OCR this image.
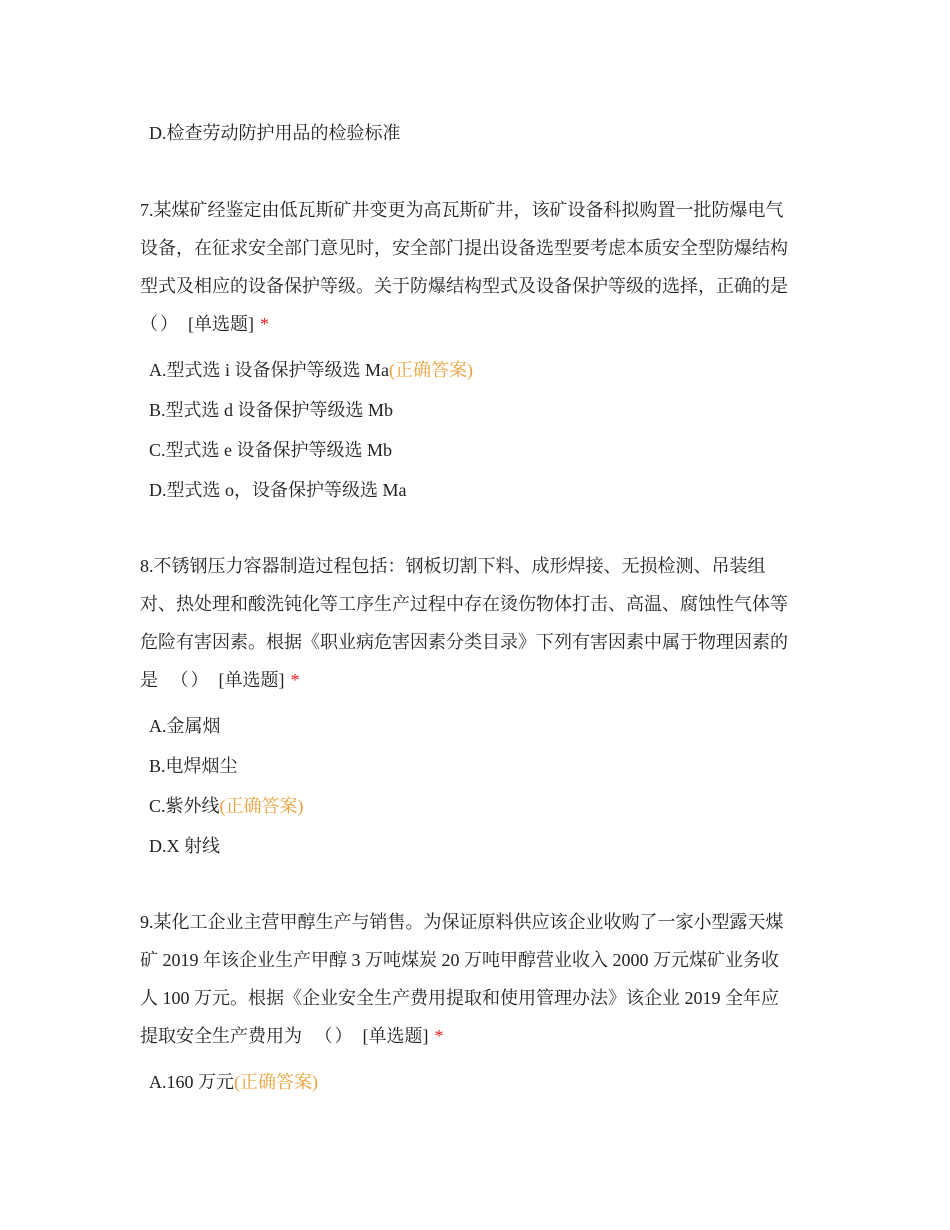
D.检查劳动防护用品的检验标准
7.某煤矿经鉴定由低瓦斯矿井变更为高瓦斯矿井，该矿设备科拟购置一批防爆电气
设备，在征求安全部门意见时，安全部门提出设备选型要考虑本质安全型防爆结构
型式及相应的设备保护等级。关于防爆结构型式及设备保护等级的选择，正确的是
（） [单选题] *
A.型式选 i 设备保护等级选 Ma(正确答案)
B.型式选 d 设备保护等级选 Mb
C.型式选 e 设备保护等级选 Mb
D.型式选 o，设备保护等级选 Ma
8.不锈钢压力容器制造过程包括：钢板切割下料、成形焊接、无损检测、吊装组
对、热处理和酸洗钝化等工序生产过程中存在烫伤物体打击、高温、腐蚀性气体等
危险有害因素。根据《职业病危害因素分类目录》下列有害因素中属于物理因素的
是 （） [单选题] *
A.金属烟
B.电焊烟尘
C.紫外线(正确答案)
D.X 射线
9.某化工企业主营甲醇生产与销售。为保证原料供应该企业收购了一家小型露天煤
矿 2019 年该企业生产甲醇 3 万吨煤炭 20 万吨甲醇营业收入 2000 万元煤矿业务收
人 100 万元。根据《企业安全生产费用提取和使用管理办法》该企业 2019 全年应
提取安全生产费用为 （） [单选题] *
A.160 万元(正确答案)
